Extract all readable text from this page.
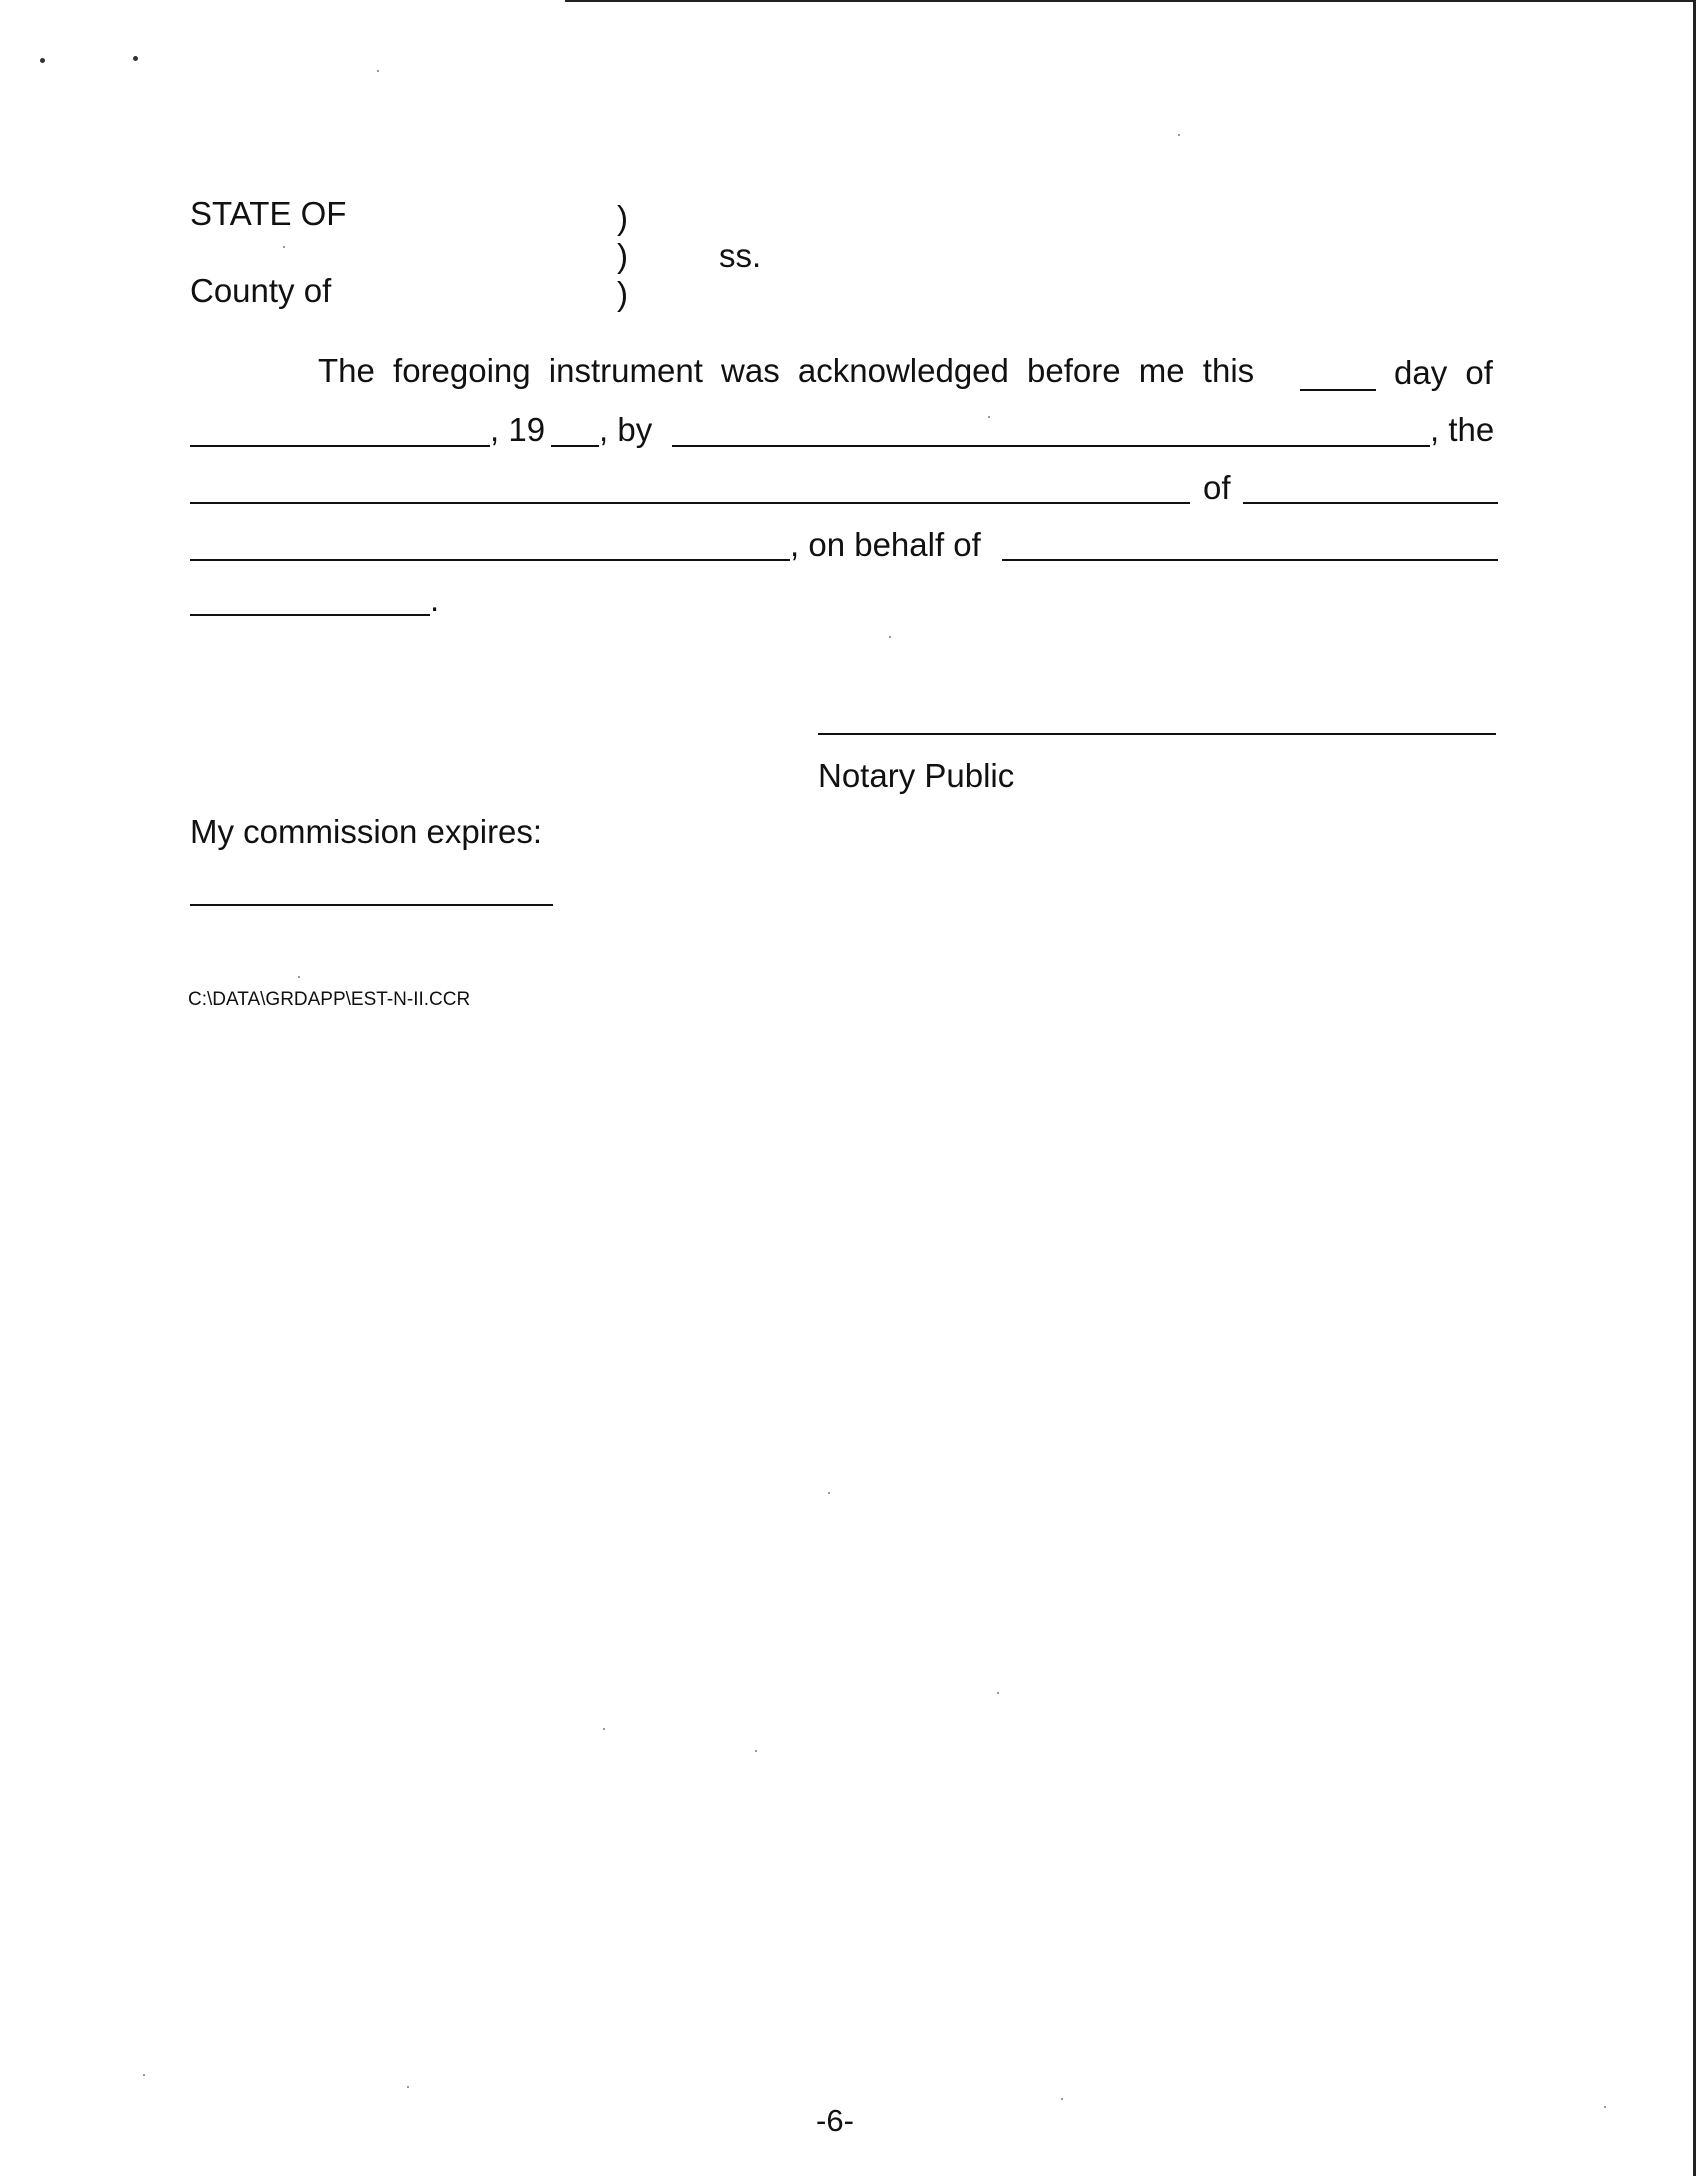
STATE OF	)
)	ss.
County of	)
The foregoing instrument was acknowledged before me this	day of
, 19 , by	, the
of
, on behalf of
.
Notary Public
My commission expires:
C:\DATA\GRDAPP\EST-N-II.CCR
-6-
